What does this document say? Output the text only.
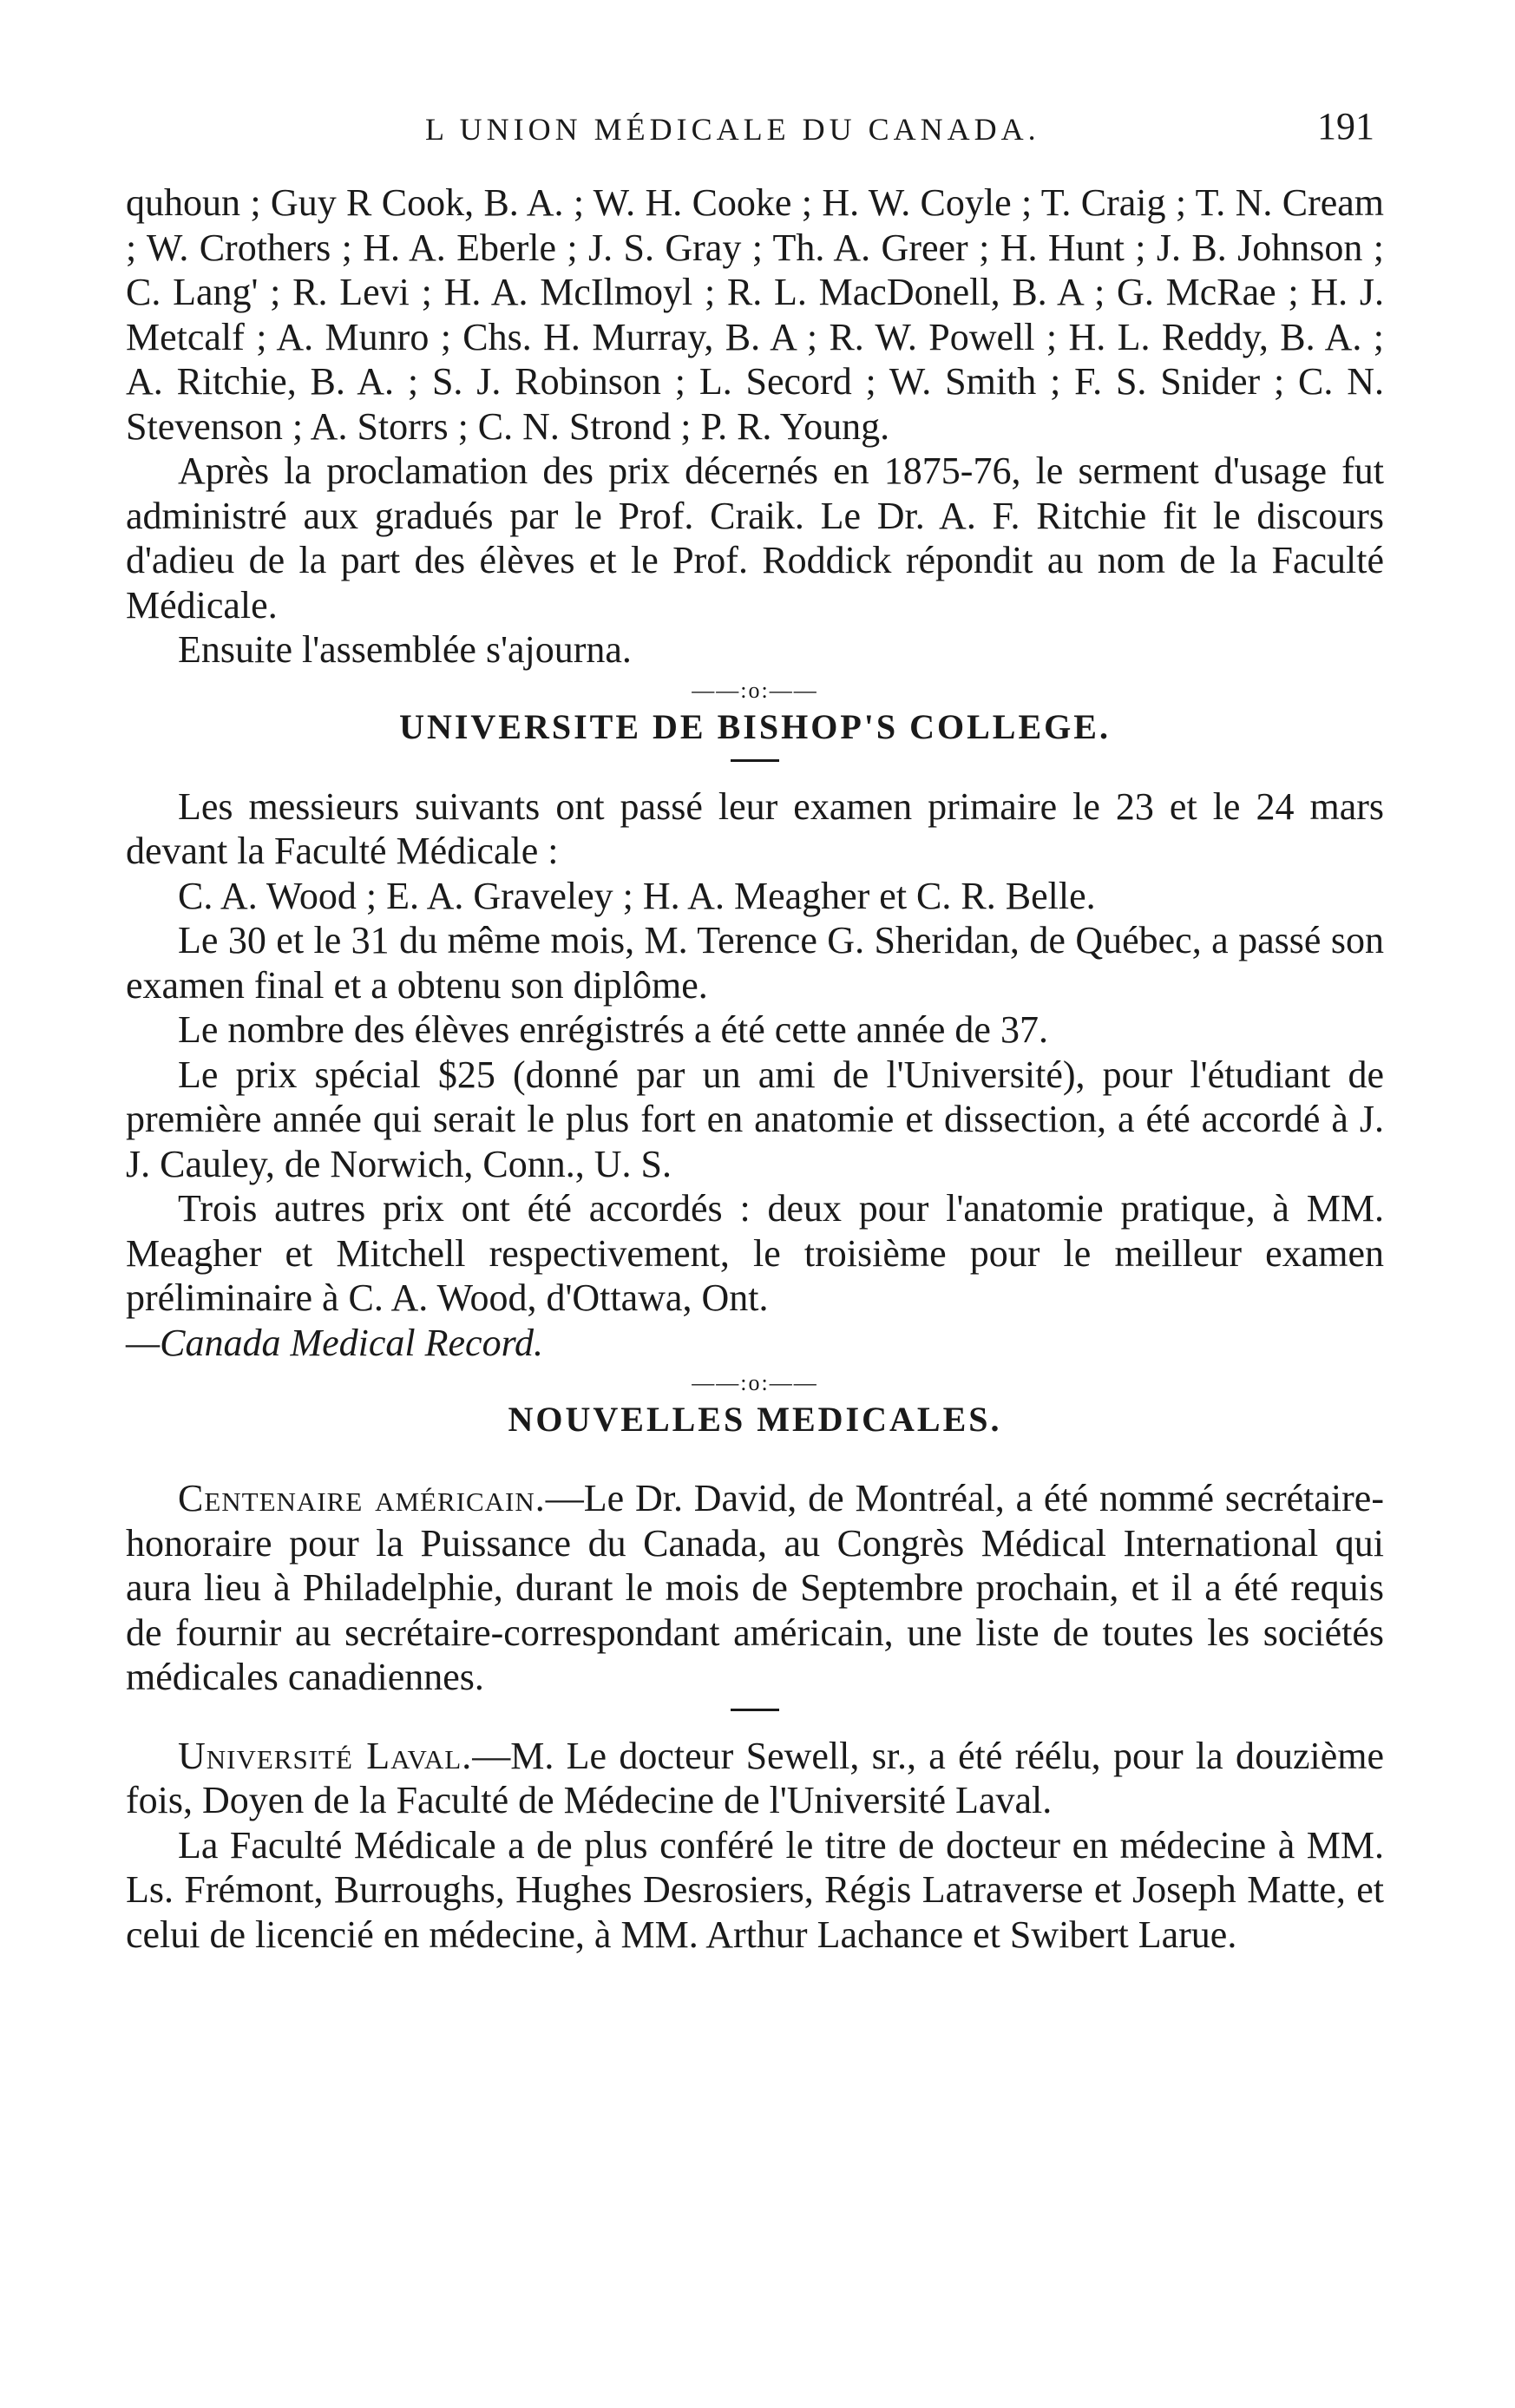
L UNION MÉDICALE DU CANADA.	191

quhoun ; Guy R Cook, B. A. ; W. H. Cooke ; H. W. Coyle ; T. Craig ; T. N. Cream ; W. Crothers ; H. A. Eberle ; J. S. Gray ; Th. A. Greer ; H. Hunt ; J. B. Johnson ; C. Lang' ; R. Levi ; H. A. McIlmoyl ; R. L. MacDonell, B. A ; G. McRae ; H. J. Metcalf ; A. Munro ; Chs. H. Murray, B. A ; R. W. Powell ; H. L. Reddy, B. A. ; A. Ritchie, B. A. ; S. J. Robinson ; L. Secord ; W. Smith ; F. S. Snider ; C. N. Stevenson ; A. Storrs ; C. N. Strond ; P. R. Young.

Après la proclamation des prix décernés en 1875-76, le serment d'usage fut administré aux gradués par le Prof. Craik. Le Dr. A. F. Ritchie fit le discours d'adieu de la part des élèves et le Prof. Roddick répondit au nom de la Faculté Médicale.

Ensuite l'assemblée s'ajourna.

——:o:——
UNIVERSITE DE BISHOP'S COLLEGE.

Les messieurs suivants ont passé leur examen primaire le 23 et le 24 mars devant la Faculté Médicale :

C. A. Wood ; E. A. Graveley ; H. A. Meagher et C. R. Belle.

Le 30 et le 31 du même mois, M. Terence G. Sheridan, de Québec, a passé son examen final et a obtenu son diplôme.

Le nombre des élèves enrégistrés a été cette année de 37.

Le prix spécial $25 (donné par un ami de l'Université), pour l'étudiant de première année qui serait le plus fort en anatomie et dissection, a été accordé à J. J. Cauley, de Norwich, Conn., U. S.

Trois autres prix ont été accordés : deux pour l'anatomie pratique, à MM. Meagher et Mitchell respectivement, le troisième pour le meilleur examen préliminaire à C. A. Wood, d'Ottawa, Ont.

—Canada Medical Record.

——:o:——
NOUVELLES MEDICALES.

Centenaire américain.—Le Dr. David, de Montréal, a été nommé secrétaire-honoraire pour la Puissance du Canada, au Congrès Médical International qui aura lieu à Philadelphie, durant le mois de Septembre prochain, et il a été requis de fournir au secrétaire-correspondant américain, une liste de toutes les sociétés médicales canadiennes.

Université Laval.—M. Le docteur Sewell, sr., a été réélu, pour la douzième fois, Doyen de la Faculté de Médecine de l'Université Laval.

La Faculté Médicale a de plus conféré le titre de docteur en médecine à MM. Ls. Frémont, Burroughs, Hughes Desrosiers, Régis Latraverse et Joseph Matte, et celui de licencié en médecine, à MM. Arthur Lachance et Swibert Larue.
